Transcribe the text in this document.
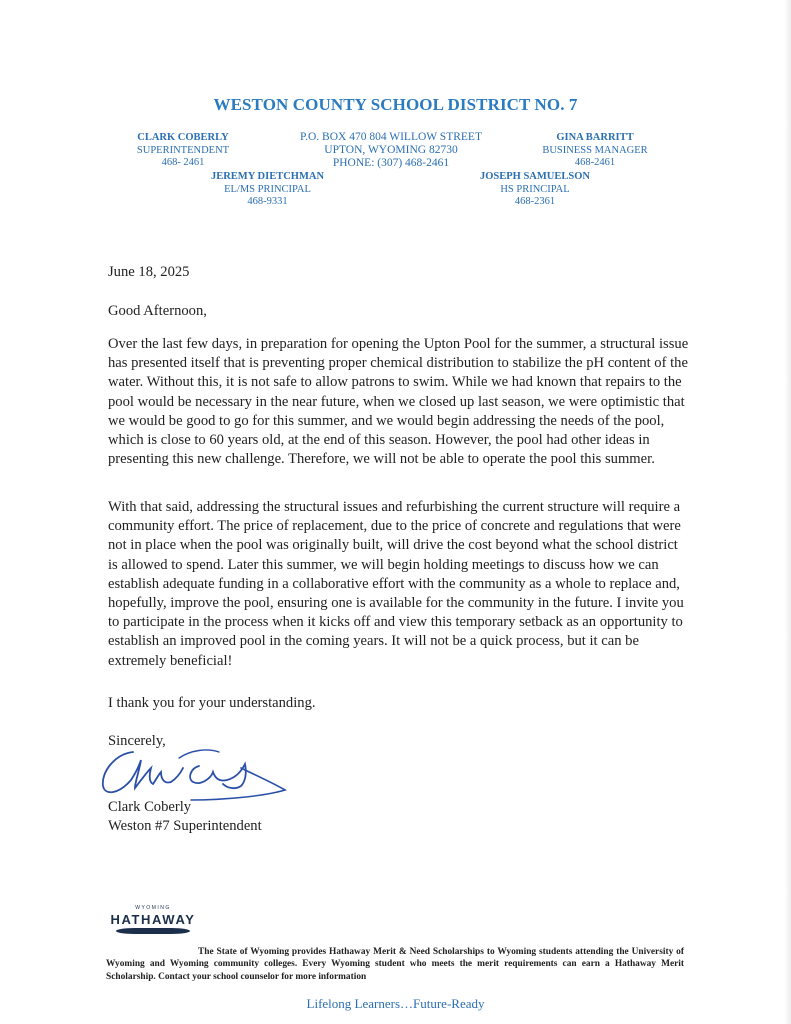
WESTON COUNTY SCHOOL DISTRICT NO. 7
CLARK COBERLY
SUPERINTENDENT
468- 2461
P.O. BOX 470 804 WILLOW STREET
UPTON, WYOMING 82730
PHONE: (307) 468-2461
GINA BARRITT
BUSINESS MANAGER
468-2461
JEREMY DIETCHMAN
EL/MS PRINCIPAL
468-9331
JOSEPH SAMUELSON
HS PRINCIPAL
468-2361
June 18, 2025
Good Afternoon,
Over the last few days, in preparation for opening the Upton Pool for the summer, a structural issue has presented itself that is preventing proper chemical distribution to stabilize the pH content of the water. Without this, it is not safe to allow patrons to swim. While we had known that repairs to the pool would be necessary in the near future, when we closed up last season, we were optimistic that we would be good to go for this summer, and we would begin addressing the needs of the pool, which is close to 60 years old, at the end of this season. However, the pool had other ideas in presenting this new challenge. Therefore, we will not be able to operate the pool this summer.
With that said, addressing the structural issues and refurbishing the current structure will require a community effort. The price of replacement, due to the price of concrete and regulations that were not in place when the pool was originally built, will drive the cost beyond what the school district is allowed to spend. Later this summer, we will begin holding meetings to discuss how we can establish adequate funding in a collaborative effort with the community as a whole to replace and, hopefully, improve the pool, ensuring one is available for the community in the future. I invite you to participate in the process when it kicks off and view this temporary setback as an opportunity to establish an improved pool in the coming years. It will not be a quick process, but it can be extremely beneficial!
I thank you for your understanding.
Sincerely,
Clark Coberly
Weston #7 Superintendent
WYOMING
HATHAWAY
The State of Wyoming provides Hathaway Merit & Need Scholarships to Wyoming students attending the University of Wyoming and Wyoming community colleges. Every Wyoming student who meets the merit requirements can earn a Hathaway Merit Scholarship. Contact your school counselor for more information
Lifelong Learners…Future-Ready
